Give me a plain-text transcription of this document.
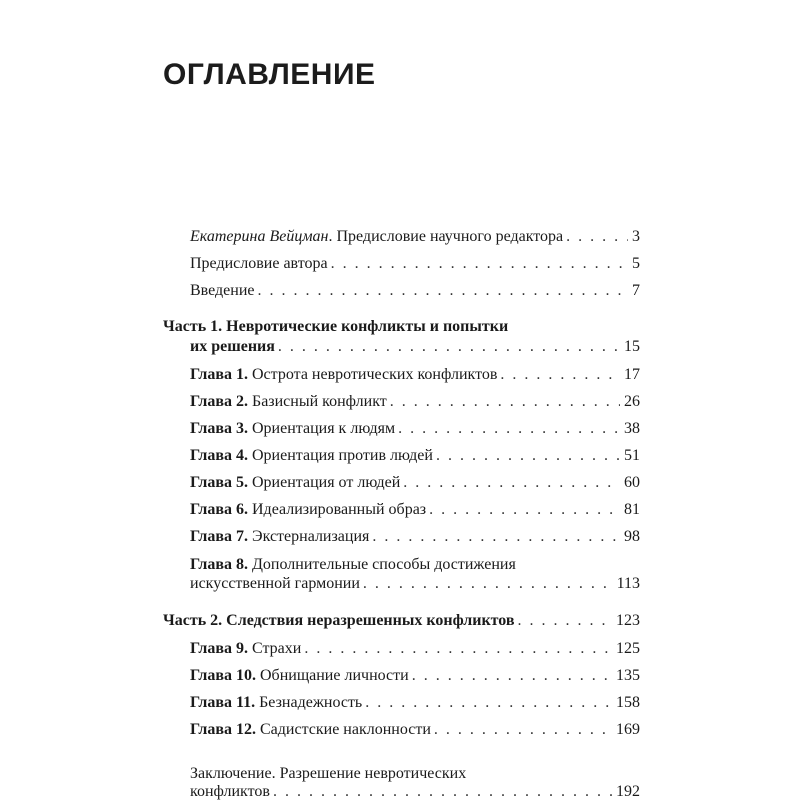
ОГЛАВЛЕНИЕ
Екатерина Вейцман. Предисловие научного редактора . . .	3
Предисловие автора . . .	5
Введение . . .	7
Часть 1. Невротические конфликты и попытки
их решения . . .	15
Глава 1. Острота невротических конфликтов . . .	17
Глава 2. Базисный конфликт . . .	26
Глава 3. Ориентация к людям . . .	38
Глава 4. Ориентация против людей . . .	51
Глава 5. Ориентация от людей . . .	60
Глава 6. Идеализированный образ . . .	81
Глава 7. Экстернализация . . .	98
Глава 8. Дополнительные способы достижения
искусственной гармонии . . .	113
Часть 2. Следствия неразрешенных конфликтов . . .	123
Глава 9. Страхи . . .	125
Глава 10. Обнищание личности . . .	135
Глава 11. Безнадежность . . .	158
Глава 12. Садистские наклонности . . .	169
Заключение. Разрешение невротических
конфликтов . . .	192
